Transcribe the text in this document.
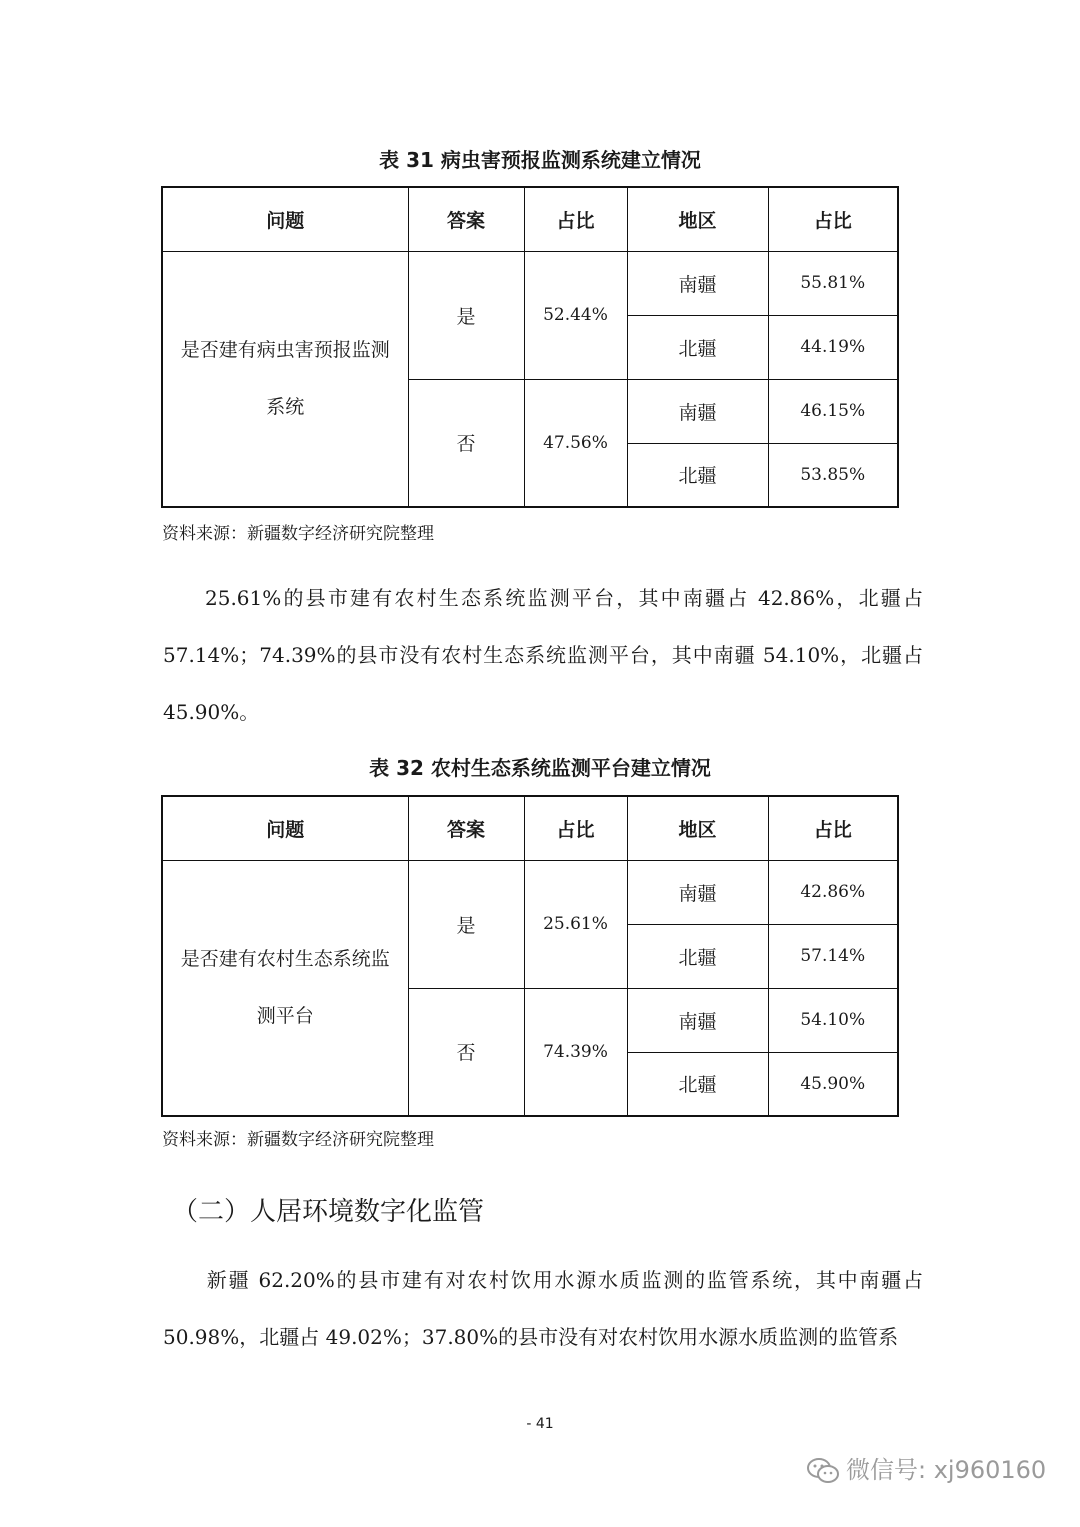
表 31 病虫害预报监测系统建立情况
问题	答案	占比	地区	占比
是否建有病虫害预报监测系统	是	52.44%	南疆	55.81%
			北疆	44.19%
	否	47.56%	南疆	46.15%
			北疆	53.85%
资料来源：新疆数字经济研究院整理

25.61%的县市建有农村生态系统监测平台，其中南疆占 42.86%，北疆占 57.14%；74.39%的县市没有农村生态系统监测平台，其中南疆 54.10%，北疆占 45.90%。

表 32 农村生态系统监测平台建立情况
问题	答案	占比	地区	占比
是否建有农村生态系统监测平台	是	25.61%	南疆	42.86%
			北疆	57.14%
	否	74.39%	南疆	54.10%
			北疆	45.90%
资料来源：新疆数字经济研究院整理
（二）人居环境数字化监管

新疆 62.20%的县市建有对农村饮用水源水质监测的监管系统，其中南疆占 50.98%，北疆占 49.02%；37.80%的县市没有对农村饮用水源水质监测的监管系

- 41
微信号: xj960160
